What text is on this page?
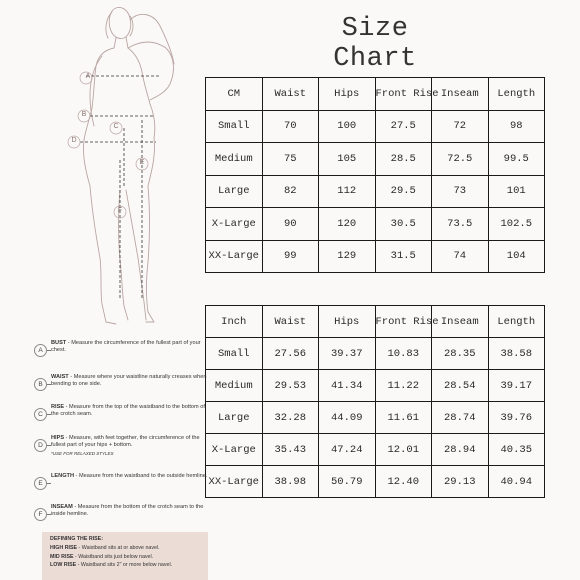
Size Chart
A
B
C
D
E
F
CM	Waist	Hips	Front Rise	Inseam	Length
Small	70	100	27.5	72	98
Medium	75	105	28.5	72.5	99.5
Large	82	112	29.5	73	101
X-Large	90	120	30.5	73.5	102.5
XX-Large	99	129	31.5	74	104
Inch	Waist	Hips	Front Rise	Inseam	Length
Small	27.56	39.37	10.83	28.35	38.58
Medium	29.53	41.34	11.22	28.54	39.17
Large	32.28	44.09	11.61	28.74	39.76
X-Large	35.43	47.24	12.01	28.94	40.35
XX-Large	38.98	50.79	12.40	29.13	40.94
A
BUST - Measure the circumference of the fullest part of your chest.
B
WAIST - Measure where your waistline naturally creases when bending to one side.
C
RISE - Measure from the top of the waistband to the bottom of the crotch seam.
D
HIPS - Measure, with feet together, the circumference of the fullest part of your hips + bottom.
*USE FOR RELAXED STYLES
E
LENGTH - Measure from the waistband to the outside hemline.
F
INSEAM - Measure from the bottom of the crotch seam to the inside hemline.
DEFINING THE RISE:
HIGH RISE - Waistband sits at or above navel.
MID RISE - Waistband sits just below navel.
LOW RISE - Waistband sits 2" or more below navel.
